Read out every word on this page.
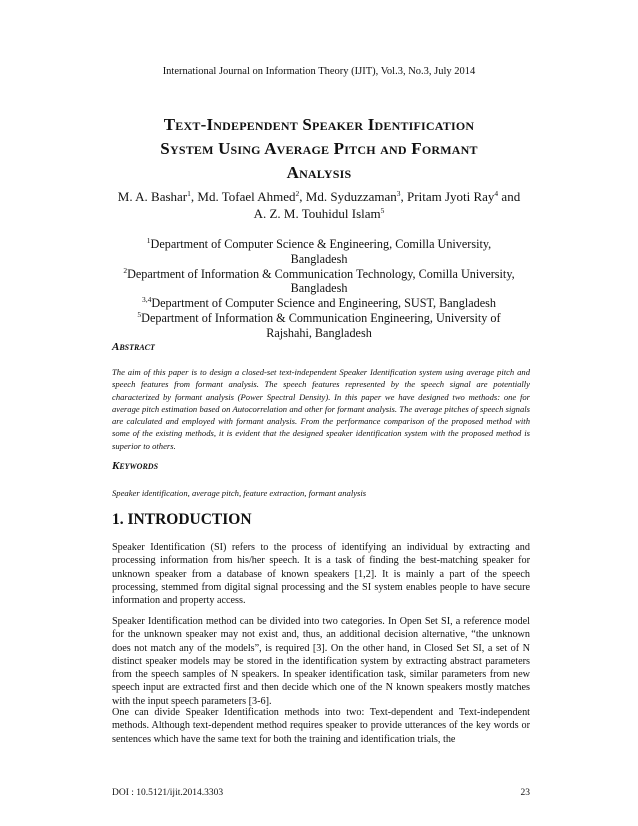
International Journal on Information Theory (IJIT), Vol.3, No.3, July 2014
Text-Independent Speaker Identification
System Using Average Pitch and Formant
Analysis
M. A. Bashar$^1$, Md. Tofael Ahmed$^2$, Md. Syduzzaman$^3$, Pritam Jyoti Ray$^4$ and
A. Z. M. Touhidul Islam$^5$
$^1$Department of Computer Science & Engineering, Comilla University, Bangladesh
$^2$Department of Information & Communication Technology, Comilla University, Bangladesh
$^{3,4}$Department of Computer Science and Engineering, SUST, Bangladesh
$^5$Department of Information & Communication Engineering, University of Rajshahi, Bangladesh
Abstract
The aim of this paper is to design a closed-set text-independent Speaker Identification system using average pitch and speech features from formant analysis. The speech features represented by the speech signal are potentially characterized by formant analysis (Power Spectral Density). In this paper we have designed two methods: one for average pitch estimation based on Autocorrelation and other for formant analysis. The average pitches of speech signals are calculated and employed with formant analysis. From the performance comparison of the proposed method with some of the existing methods, it is evident that the designed speaker identification system with the proposed method is superior to others.
Keywords
Speaker identification, average pitch, feature extraction, formant analysis
1. INTRODUCTION

Speaker Identification (SI) refers to the process of identifying an individual by extracting and processing information from his/her speech. It is a task of finding the best-matching speaker for unknown speaker from a database of known speakers [1,2]. It is mainly a part of the speech processing, stemmed from digital signal processing and the SI system enables people to have secure information and property access.

Speaker Identification method can be divided into two categories. In Open Set SI, a reference model for the unknown speaker may not exist and, thus, an additional decision alternative, “the unknown does not match any of the models”, is required [3]. On the other hand, in Closed Set SI, a set of N distinct speaker models may be stored in the identification system by extracting abstract parameters from the speech samples of N speakers. In speaker identification task, similar parameters from new speech input are extracted first and then decide which one of the N known speakers mostly matches with the input speech parameters [3-6].

One can divide Speaker Identification methods into two: Text-dependent and Text-independent methods. Although text-dependent method requires speaker to provide utterances of the key words or sentences which have the same text for both the training and identification trials, the

DOI : 10.5121/ijit.2014.3303	23
